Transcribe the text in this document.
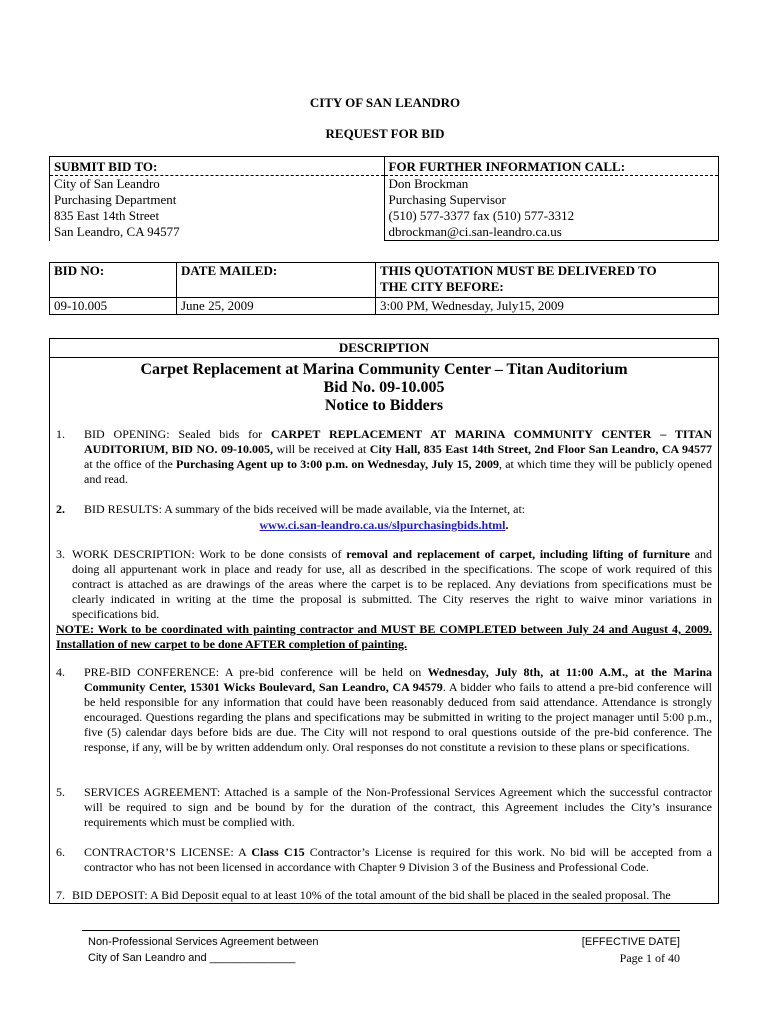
CITY OF SAN LEANDRO
REQUEST FOR BID
SUBMIT BID TO:
City of San Leandro
Purchasing Department
835 East 14th Street
San Leandro, CA 94577

FOR FURTHER INFORMATION CALL:
Don Brockman
Purchasing Supervisor
(510) 577-3377 fax (510) 577-3312
dbrockman@ci.san-leandro.ca.us
BID NO:	DATE MAILED:	THIS QUOTATION MUST BE DELIVERED TO
THE CITY BEFORE:

09-10.005	June 25, 2009	3:00 PM, Wednesday, July15, 2009
DESCRIPTION
Carpet Replacement at Marina Community Center – Titan Auditorium
Bid No. 09-10.005
Notice to Bidders
1. BID OPENING: Sealed bids for CARPET REPLACEMENT AT MARINA COMMUNITY CENTER – TITAN AUDITORIUM, BID NO. 09-10.005, will be received at City Hall, 835 East 14th Street, 2nd Floor San Leandro, CA 94577 at the office of the Purchasing Agent up to 3:00 p.m. on Wednesday, July 15, 2009, at which time they will be publicly opened and read.
2. BID RESULTS: A summary of the bids received will be made available, via the Internet, at:
www.ci.san-leandro.ca.us/slpurchasingbids.html.
3. WORK DESCRIPTION: Work to be done consists of removal and replacement of carpet, including lifting of furniture and doing all appurtenant work in place and ready for use, all as described in the specifications. The scope of work required of this contract is attached as are drawings of the areas where the carpet is to be replaced. Any deviations from specifications must be clearly indicated in writing at the time the proposal is submitted. The City reserves the right to waive minor variations in specifications bid.
NOTE: Work to be coordinated with painting contractor and MUST BE COMPLETED between July 24 and August 4, 2009. Installation of new carpet to be done AFTER completion of painting.
4. PRE-BID CONFERENCE: A pre-bid conference will be held on Wednesday, July 8th, at 11:00 A.M., at the Marina Community Center, 15301 Wicks Boulevard, San Leandro, CA 94579. A bidder who fails to attend a pre-bid conference will be held responsible for any information that could have been reasonably deduced from said attendance. Attendance is strongly encouraged. Questions regarding the plans and specifications may be submitted in writing to the project manager until 5:00 p.m., five (5) calendar days before bids are due. The City will not respond to oral questions outside of the pre-bid conference. The response, if any, will be by written addendum only. Oral responses do not constitute a revision to these plans or specifications.
5. SERVICES AGREEMENT: Attached is a sample of the Non-Professional Services Agreement which the successful contractor will be required to sign and be bound by for the duration of the contract, this Agreement includes the City’s insurance requirements which must be complied with.
6. CONTRACTOR’S LICENSE: A Class C15 Contractor’s License is required for this work. No bid will be accepted from a contractor who has not been licensed in accordance with Chapter 9 Division 3 of the Business and Professional Code.
7. BID DEPOSIT: A Bid Deposit equal to at least 10% of the total amount of the bid shall be placed in the sealed proposal. The
Non-Professional Services Agreement between
City of San Leandro and ______________
[EFFECTIVE DATE]
Page 1 of 40
